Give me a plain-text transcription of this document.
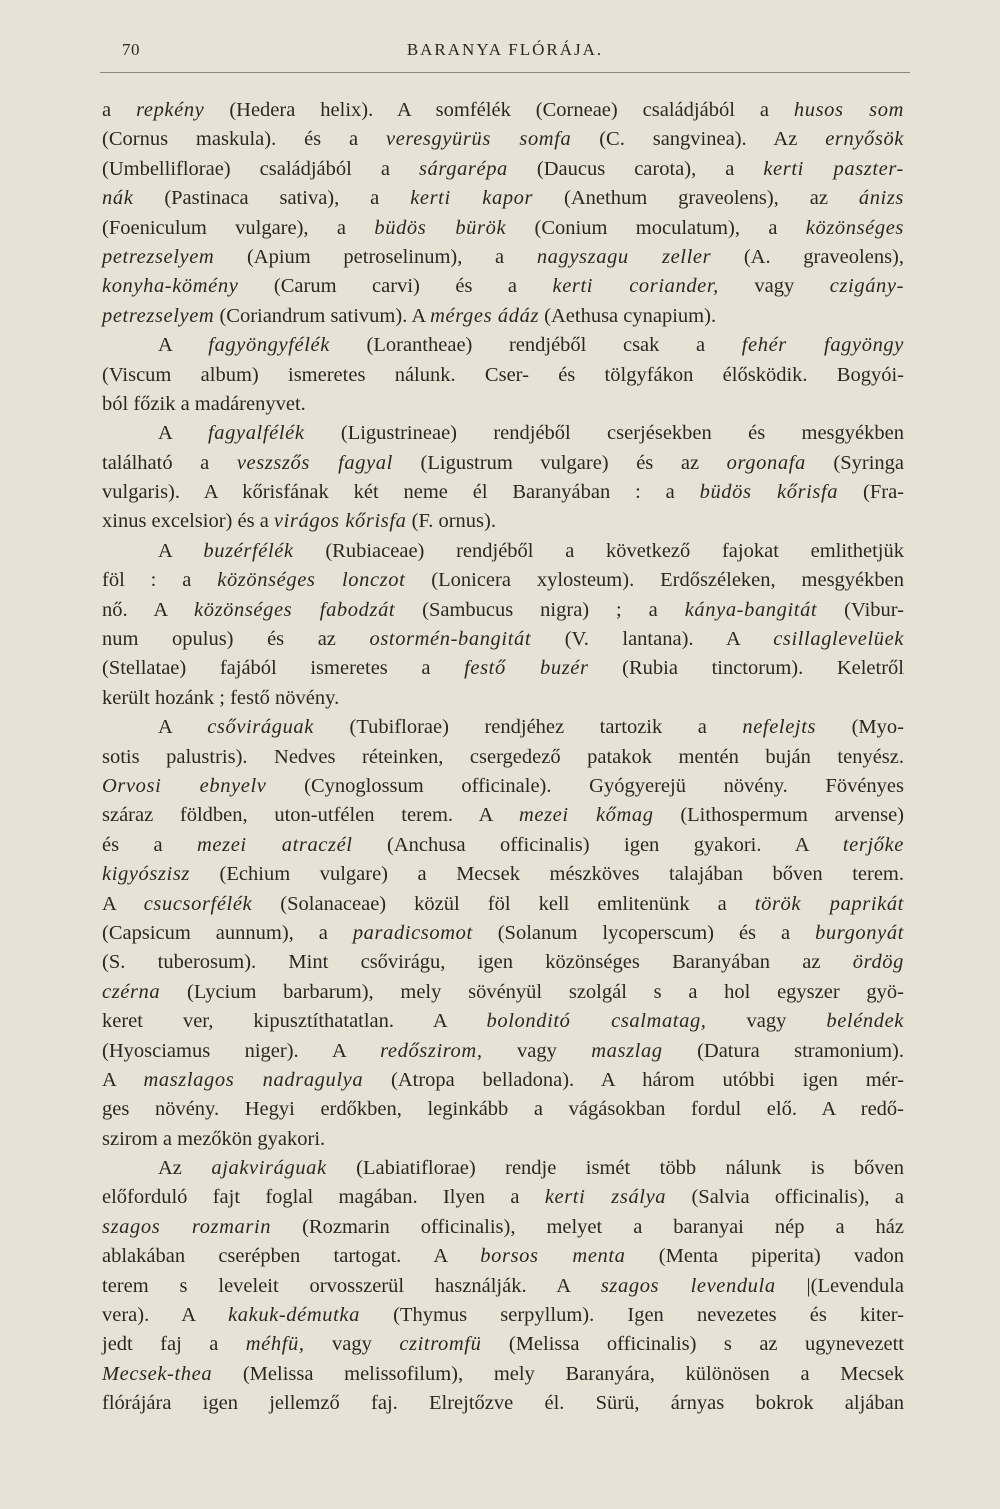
70	BARANYA FLÓRÁJA.
a repkény (Hedera helix). A somfélék (Corneae) családjából a husos som
(Cornus maskula). és a veresgyürüs somfa (C. sangvinea). Az ernyősök
(Umbelliflorae) családjából a sárgarépa (Daucus carota), a kerti paszter-
nák (Pastinaca sativa), a kerti kapor (Anethum graveolens), az ánizs
(Foeniculum vulgare), a büdös bürök (Conium moculatum), a közönséges
petrezselyem (Apium petroselinum), a nagyszagu zeller (A. graveolens),
konyha-kömény (Carum carvi) és a kerti coriander, vagy czigány-
petrezselyem (Coriandrum sativum). A mérges ádáz (Aethusa cynapium).
A fagyöngyfélék (Loranthеae) rendjéből csak a fehér fagyöngy
(Viscum album) ismeretes nálunk. Cser- és tölgyfákon élősködik. Bogyói-
ból főzik a madárenyvet.
A fagyalfélék (Ligustrineae) rendjéből cserjésekben és mesgyékben
található a veszszős fagyal (Ligustrum vulgare) és az orgonafa (Syringa
vulgaris). A kőrisfának két neme él Baranyában : a büdös kőrisfa (Fra-
xinus excelsior) és a virágos kőrisfa (F. ornus).
A buzérfélék (Rubiaceae) rendjéből a következő fajokat emlithetjük
föl : a közönséges lonczot (Lonicera xylosteum). Erdőszéleken, mesgyékben
nő. A közönséges fabodzát (Sambucus nigra) ; a kánya-bangitát (Vibur-
num opulus) és az ostormén-bangitát (V. lantana). A csillaglevelüek
(Stellatae) fajából ismeretes a festő buzér (Rubia tinctorum). Keletről
került hozánk ; festő növény.
A csőviráguak (Tubiflorae) rendjéhez tartozik a nefelejts (Myo-
sotis palustris). Nedves réteinken, csergedező patakok mentén buján tenyész.
Orvosi ebnyelv (Cynoglossum officinale). Gyógyerejü növény. Fövényes
száraz földben, uton-utfélen terem. A mezei kőmag (Lithospermum arvense)
és a mezei atraczél (Anchusa officinalis) igen gyakori. A terjőke
kigyószisz (Echium vulgare) a Mecsek mészköves talajában bőven terem.
A csucsorfélék (Solanaceae) közül föl kell emlitenünk a török paprikát
(Capsicum aunnum), a paradicsomot (Solanum lycoperscum) és a burgonyát
(S. tuberosum). Mint csővirágu, igen közönséges Baranyában az ördög
czérna (Lycium barbarum), mely sövényül szolgál s a hol egyszer gyö-
keret ver, kipusztíthatatlan. A bolonditó csalmatag, vagy beléndek
(Hyosciamus niger). A redőszirom, vagy maszlag (Datura stramonium).
A maszlagos nadragulya (Atropa belladona). A három utóbbi igen mér-
ges növény. Hegyi erdőkben, leginkább a vágásokban fordul elő. A redő-
szirom a mezőkön gyakori.
Az ajakviráguak (Labiatiflorae) rendje ismét több nálunk is bőven
előforduló fajt foglal magában. Ilyen a kerti zsálya (Salvia officinalis), a
szagos rozmarin (Rozmarin officinalis), melyet a baranyai nép a ház
ablakában cserépben tartogat. A borsos menta (Menta piperita) vadon
terem s leveleit orvosszerül használják. A szagos levendula |(Levendula
vera). A kakuk-démutka (Thymus serpyllum). Igen nevezetes és kiter-
jedt faj a méhfü, vagy czitromfü (Melissa officinalis) s az ugynevezett
Mecsek-thea (Melissa melissofilum), mely Baranyára, különösen a Mecsek
flórájára igen jellemző faj. Elrejtőzve él. Sürü, árnyas bokrok aljában
